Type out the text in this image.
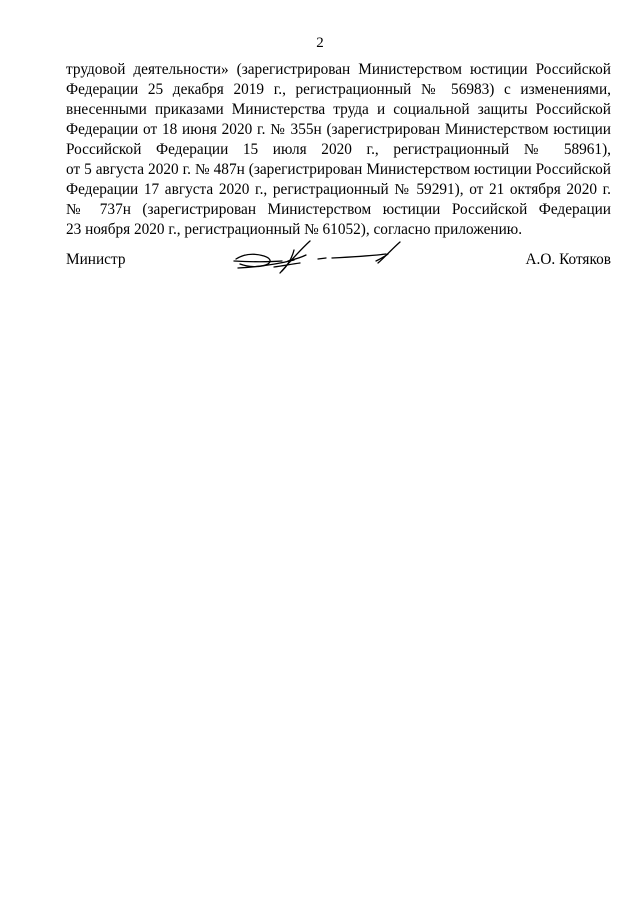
2
трудовой деятельности» (зарегистрирован Министерством юстиции Российской
Федерации 25 декабря 2019 г., регистрационный № 56983) с изменениями,
внесенными приказами Министерства труда и социальной защиты Российской
Федерации от 18 июня 2020 г. № 355н (зарегистрирован Министерством юстиции
Российской Федерации 15 июля 2020 г., регистрационный № 58961),
от 5 августа 2020 г. № 487н (зарегистрирован Министерством юстиции Российской
Федерации 17 августа 2020 г., регистрационный № 59291), от 21 октября 2020 г.
№ 737н (зарегистрирован Министерством юстиции Российской Федерации
23 ноября 2020 г., регистрационный № 61052), согласно приложению.
Министр	А.О. Котяков
